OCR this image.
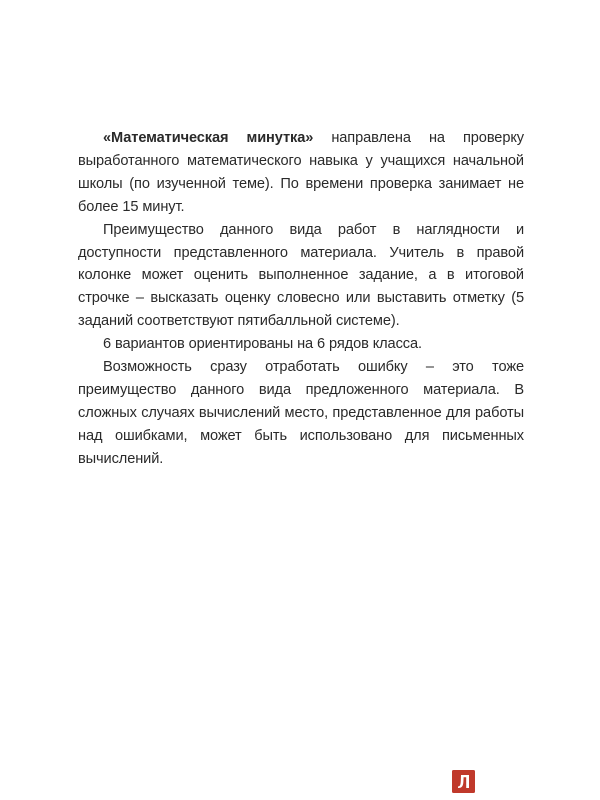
«Математическая минутка» направлена на проверку выработанного математического навыка у учащихся начальной школы (по изученной теме). По времени проверка занимает не более 15 минут.

Преимущество данного вида работ в наглядности и доступности представленного материала. Учитель в правой колонке может оценить выполненное задание, а в итоговой строчке – высказать оценку словесно или выставить отметку (5 заданий соответствуют пятибалльной системе).

6 вариантов ориентированы на 6 рядов класса.

Возможность сразу отработать ошибку – это тоже преимущество данного вида предложенного материала. В сложных случаях вычислений место, представленное для работы над ошибками, может быть использовано для письменных вычислений.
